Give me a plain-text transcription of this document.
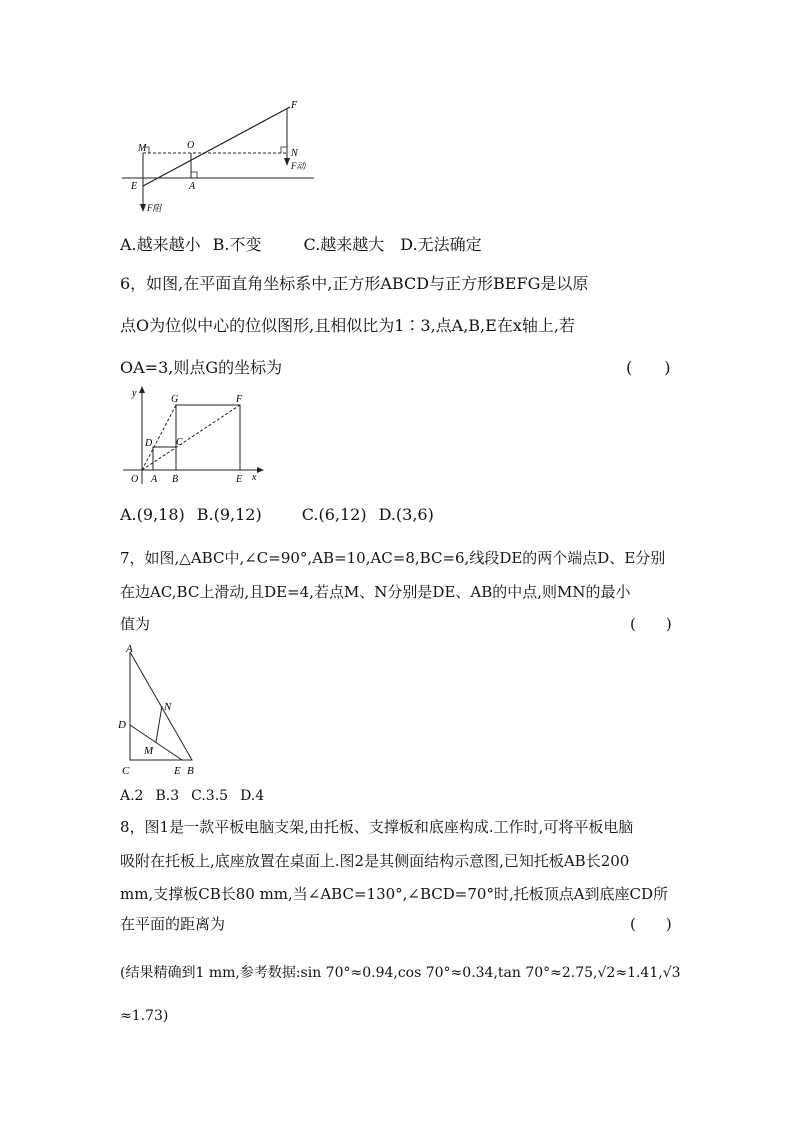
M	O
F
N
F动
E	A
F阻
A.越来越小 B.不变	C.越来越大 D.无法确定
6，如图,在平面直角坐标系中,正方形ABCD与正方形BEFG是以原
点O为位似中心的位似图形,且相似比为1∶3,点A,B,E在x轴上,若
OA=3,则点G的坐标为	(　　)
y
x
O A B	E
C
D
G	F
A.(9,18) B.(9,12)	C.(6,12) D.(3,6)
7，如图,△ABC中,∠C=90°,AB=10,AC=8,BC=6,线段DE的两个端点D、E分别
在边AC,BC上滑动,且DE=4,若点M、N分别是DE、AB的中点,则MN的最小
值为	(　　)
A
D
N
M
C	E B
A.2 B.3 C.3.5 D.4
8，图1是一款平板电脑支架,由托板、支撑板和底座构成.工作时,可将平板电脑
吸附在托板上,底座放置在桌面上.图2是其侧面结构示意图,已知托板AB长200
mm,支撑板CB长80 mm,当∠ABC=130°,∠BCD=70°时,托板顶点A到底座CD所
在平面的距离为	(　　)
(结果精确到1 mm,参考数据:sin 70°≈0.94,cos 70°≈0.34,tan 70°≈2.75,√2≈1.41,√3
≈1.73)
